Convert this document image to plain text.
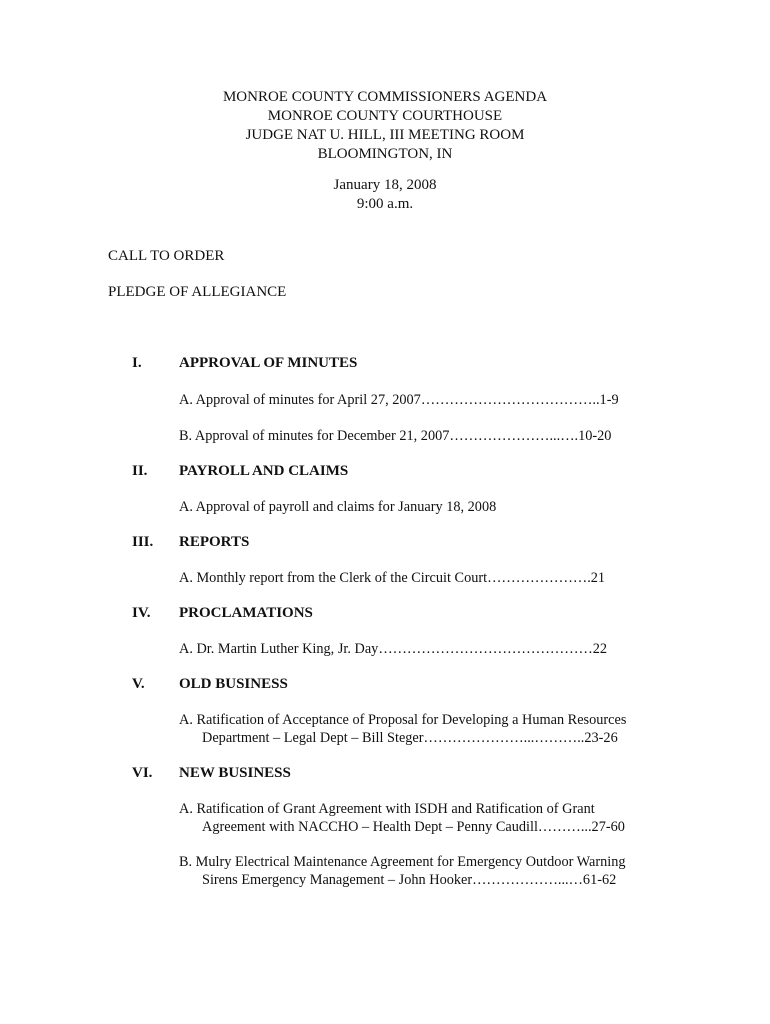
MONROE COUNTY COMMISSIONERS AGENDA
MONROE COUNTY COURTHOUSE
JUDGE NAT U. HILL, III MEETING ROOM
BLOOMINGTON, IN
January 18, 2008
9:00 a.m.
CALL TO ORDER
PLEDGE OF ALLEGIANCE
I. APPROVAL OF MINUTES
A. Approval of minutes for April 27, 2007………………………………..1-9
B. Approval of minutes for December 21, 2007…………………...….10-20
II. PAYROLL AND CLAIMS
A. Approval of payroll and claims for January 18, 2008
III. REPORTS
A. Monthly report from the Clerk of the Circuit Court………………….21
IV. PROCLAMATIONS
A. Dr. Martin Luther King, Jr. Day………………………………………22
V. OLD BUSINESS
A. Ratification of Acceptance of Proposal for Developing a Human Resources
Department – Legal Dept – Bill Steger…………………...………..23-26
VI. NEW BUSINESS
A. Ratification of Grant Agreement with ISDH and Ratification of Grant
Agreement with NACCHO – Health Dept – Penny Caudill………...27-60
B. Mulry Electrical Maintenance Agreement for Emergency Outdoor Warning
Sirens Emergency Management – John Hooker………………...…61-62
